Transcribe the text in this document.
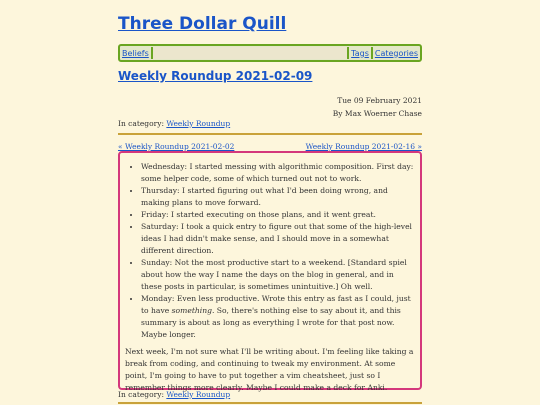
Three Dollar Quill
Beliefs	Tags Categories
Weekly Roundup 2021-02-09
Tue 09 February 2021
By Max Woerner Chase
In category: Weekly Roundup
« Weekly Roundup 2021-02-02	Weekly Roundup 2021-02-16 »
• Wednesday: I started messing with algorithmic composition. First day: some helper code, some of which turned out not to work.
• Thursday: I started figuring out what I'd been doing wrong, and making plans to move forward.
• Friday: I started executing on those plans, and it went great.
• Saturday: I took a quick entry to figure out that some of the high-level ideas I had didn't make sense, and I should move in a somewhat different direction.
• Sunday: Not the most productive start to a weekend. [Standard spiel about how the way I name the days on the blog in general, and in these posts in particular, is sometimes unintuitive.] Oh well.
• Monday: Even less productive. Wrote this entry as fast as I could, just to have something. So, there's nothing else to say about it, and this summary is about as long as everything I wrote for that post now. Maybe longer.

Next week, I'm not sure what I'll be writing about. I'm feeling like taking a break from coding, and continuing to tweak my environment. At some point, I'm going to have to put together a vim cheatsheet, just so I remember things more clearly. Maybe I could make a deck for Anki.

In category: Weekly Roundup
